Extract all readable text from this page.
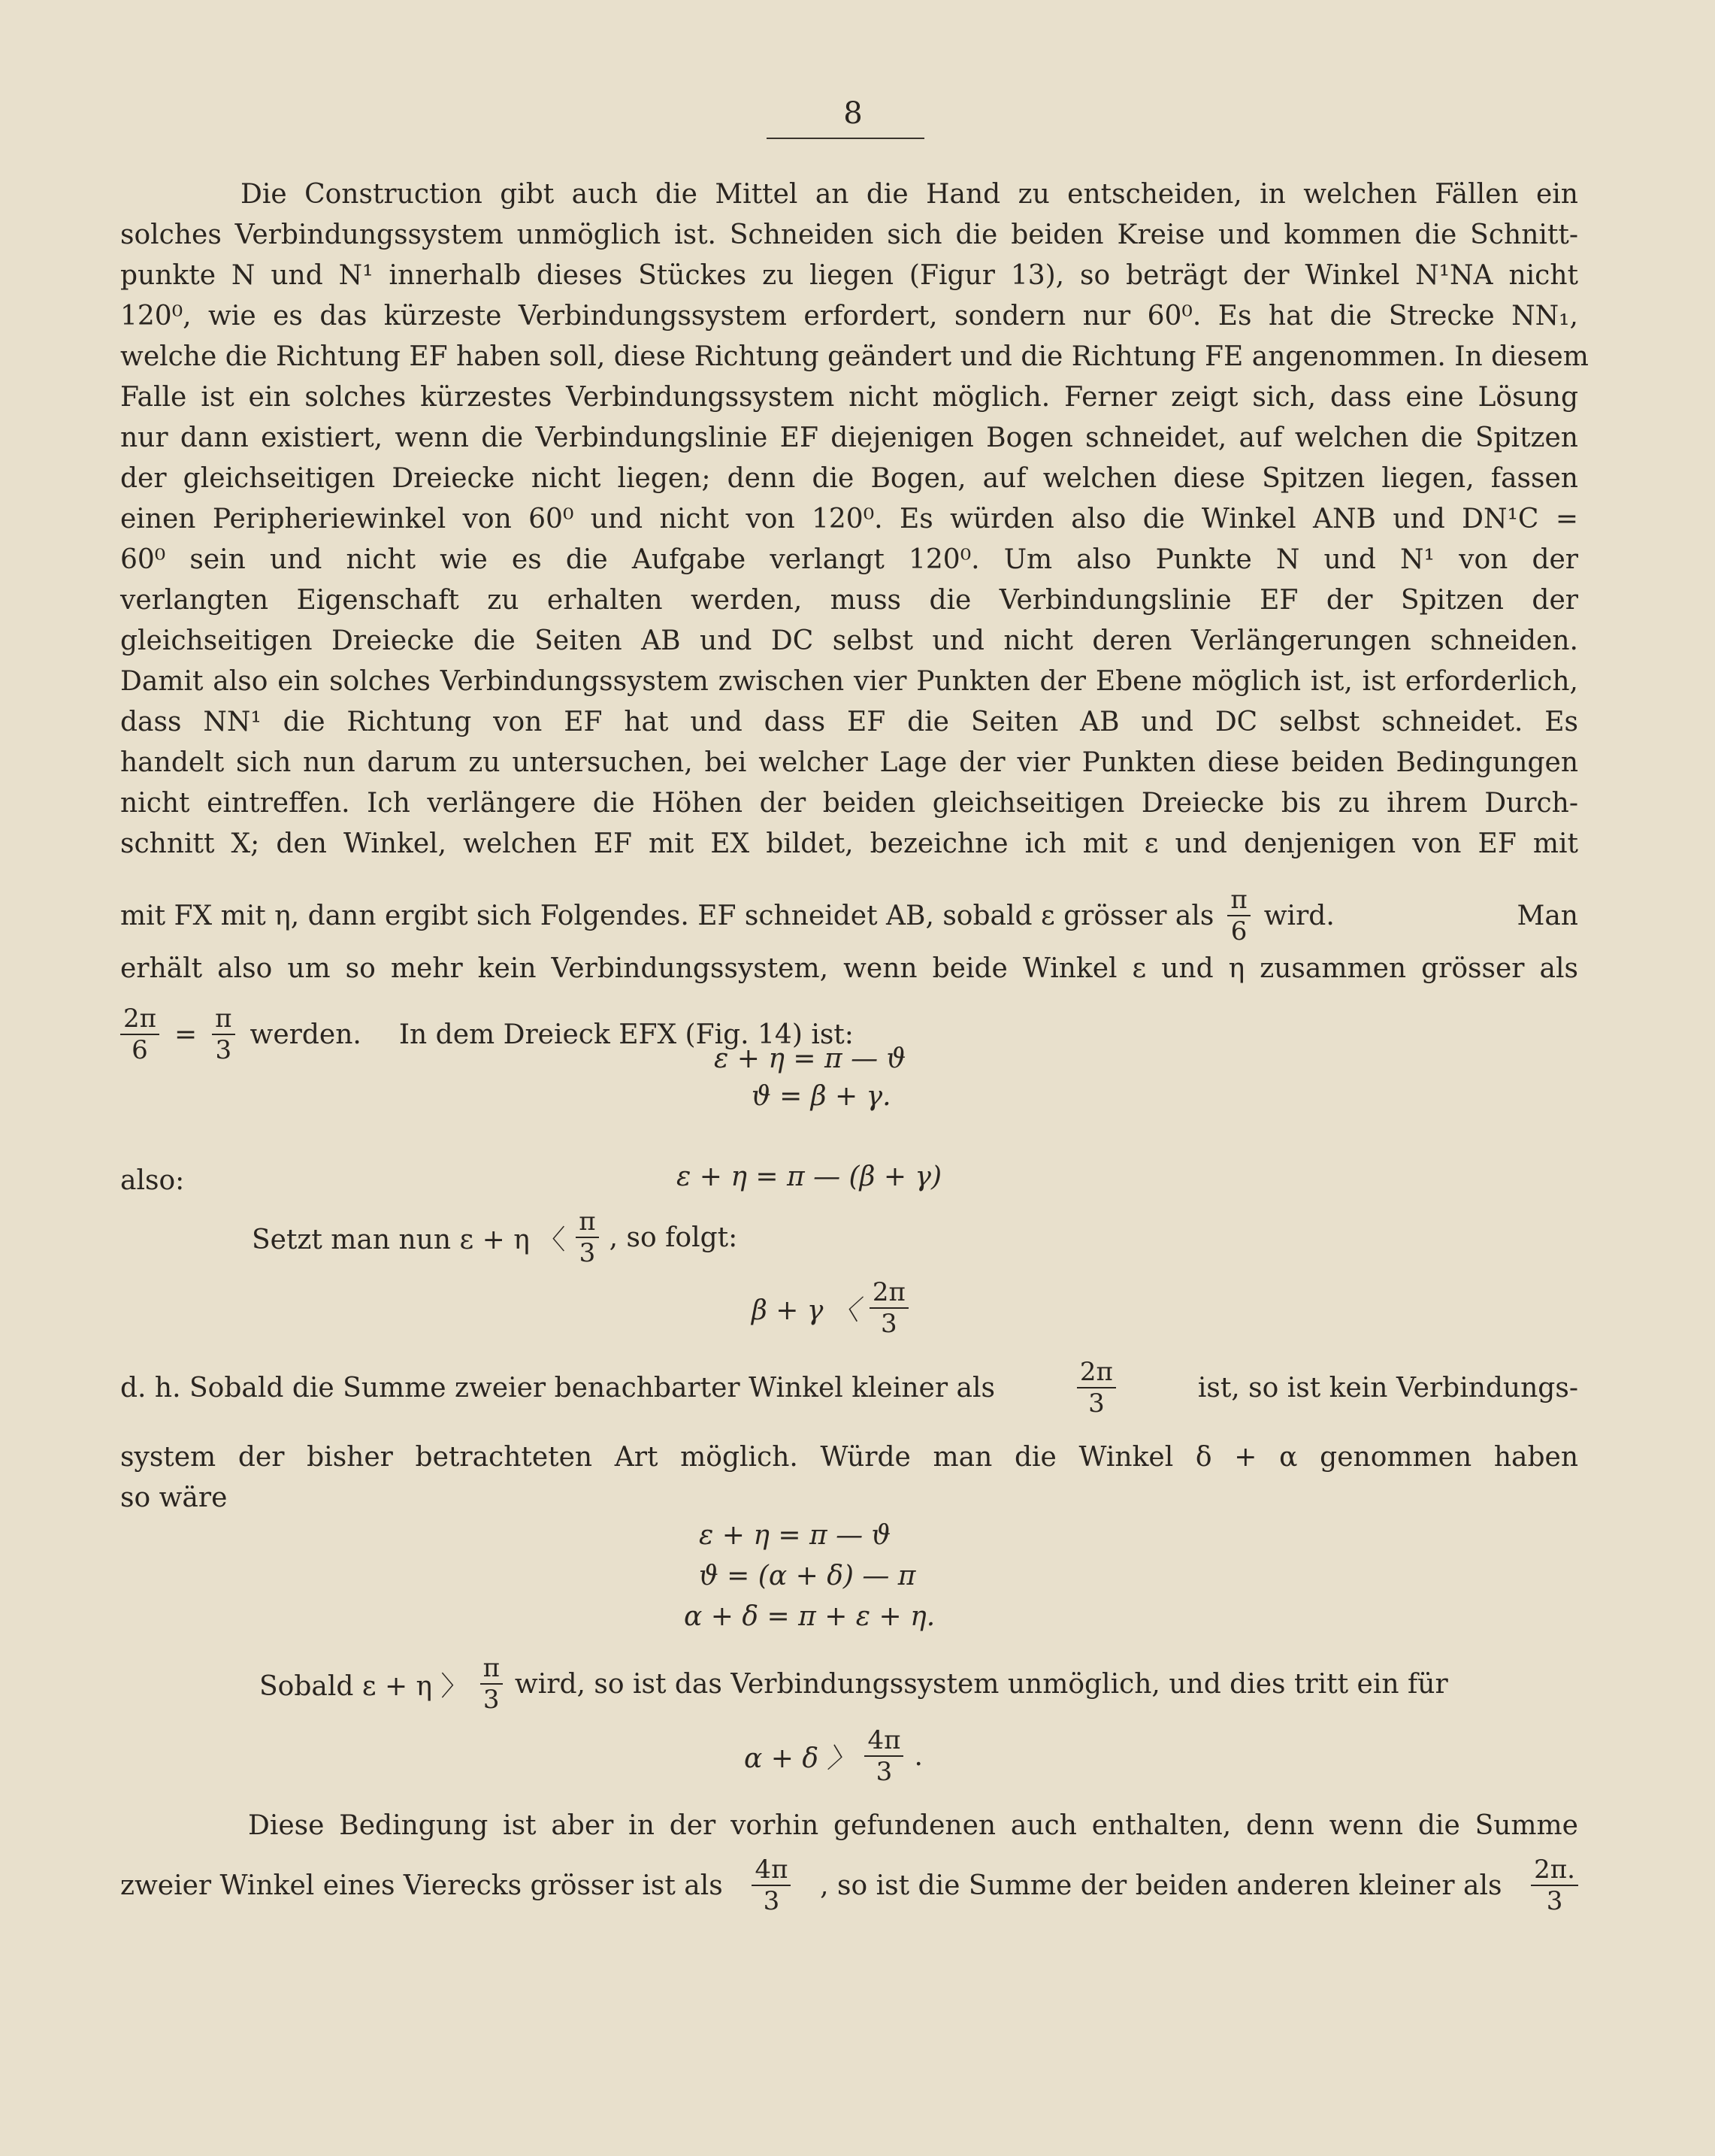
8
Die Construction gibt auch die Mittel an die Hand zu entscheiden, in welchen Fällen ein
solches Verbindungssystem unmöglich ist. Schneiden sich die beiden Kreise und kommen die Schnitt-
punkte N und N¹ innerhalb dieses Stückes zu liegen (Figur 13), so beträgt der Winkel N¹NA nicht
120⁰, wie es das kürzeste Verbindungssystem erfordert, sondern nur 60⁰. Es hat die Strecke NN₁,
welche die Richtung EF haben soll, diese Richtung geändert und die Richtung FE angenommen. In diesem
Falle ist ein solches kürzestes Verbindungssystem nicht möglich. Ferner zeigt sich, dass eine Lösung
nur dann existiert, wenn die Verbindungslinie EF diejenigen Bogen schneidet, auf welchen die Spitzen
der gleichseitigen Dreiecke nicht liegen; denn die Bogen, auf welchen diese Spitzen liegen, fassen
einen Peripheriewinkel von 60⁰ und nicht von 120⁰. Es würden also die Winkel ANB und DN¹C =
60⁰ sein und nicht wie es die Aufgabe verlangt 120⁰. Um also Punkte N und N¹ von der
verlangten Eigenschaft zu erhalten werden, muss die Verbindungslinie EF der Spitzen der
gleichseitigen Dreiecke die Seiten AB und DC selbst und nicht deren Verlängerungen schneiden.
Damit also ein solches Verbindungssystem zwischen vier Punkten der Ebene möglich ist, ist erforderlich,
dass NN¹ die Richtung von EF hat und dass EF die Seiten AB und DC selbst schneidet. Es
handelt sich nun darum zu untersuchen, bei welcher Lage der vier Punkten diese beiden Bedingungen
nicht eintreffen. Ich verlängere die Höhen der beiden gleichseitigen Dreiecke bis zu ihrem Durch-
schnitt X; den Winkel, welchen EF mit EX bildet, bezeichne ich mit ε und denjenigen von EF mit
mit FX mit η, dann ergibt sich Folgendes. EF schneidet AB, sobald ε grösser als $\frac{\pi}{6}$ wird.	Man
erhält also um so mehr kein Verbindungssystem, wenn beide Winkel ε und η zusammen grösser als
$\frac{2\pi}{6} = \frac{\pi}{3}$ werden. In dem Dreieck EFX (Fig. 14) ist:
ε + η = π — ϑ
ϑ = β + γ.
ε + η = π — (β + γ)
also:
Setzt man nun ε + η 〈 $\frac{\pi}{3}$ , so folgt:
β + γ 〈 $\frac{2\pi}{3}$
d. h. Sobald die Summe zweier benachbarter Winkel kleiner als	$\frac{2\pi}{3}$	ist, so ist kein Verbindungs-
system der bisher betrachteten Art möglich. Würde man die Winkel δ + α genommen haben
so wäre
ε + η = π — ϑ
ϑ = (α + δ) — π
α + δ = π + ε + η.
Sobald ε + η 〉 $\frac{\pi}{3}$ wird, so ist das Verbindungssystem unmöglich, und dies tritt ein für
α + δ 〉 $\frac{4\pi}{3}$ .
Diese Bedingung ist aber in der vorhin gefundenen auch enthalten, denn wenn die Summe
zweier Winkel eines Vierecks grösser ist als $\frac{4\pi}{3}$ , so ist die Summe der beiden anderen kleiner als $\frac{2\pi.}{3}$
